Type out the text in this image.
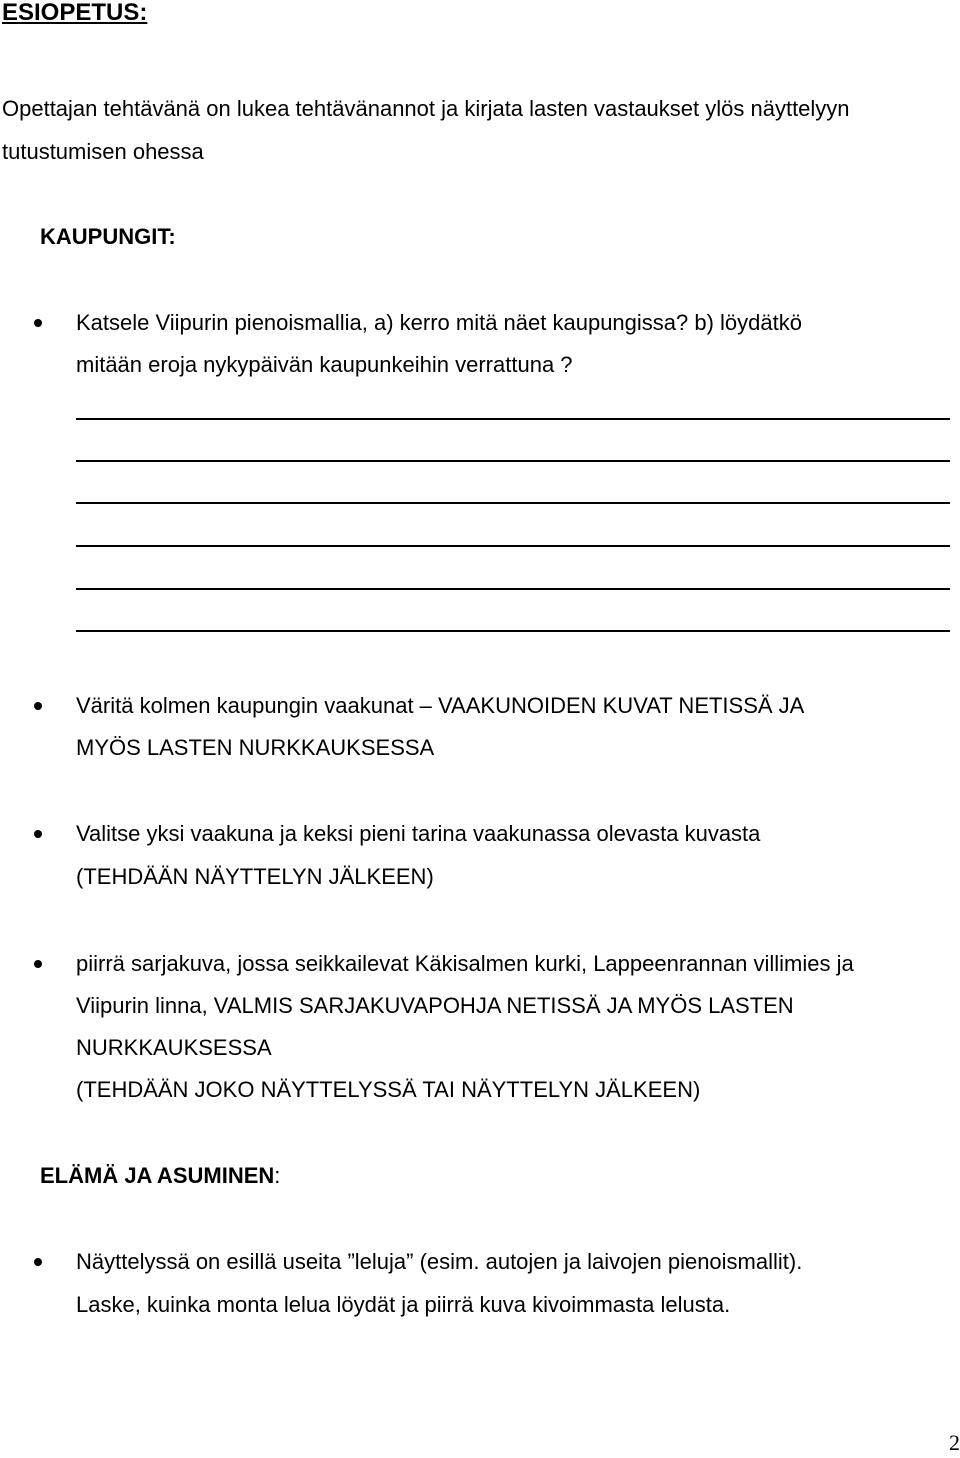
ESIOPETUS:
Opettajan tehtävänä on lukea tehtävänannot ja kirjata lasten vastaukset ylös näyttelyyn
tutustumisen ohessa
KAUPUNGIT:
Katsele Viipurin pienoismallia, a) kerro mitä näet kaupungissa? b) löydätkö
mitään eroja nykypäivän kaupunkeihin verrattuna ?
Väritä kolmen kaupungin vaakunat – VAAKUNOIDEN KUVAT NETISSÄ JA
MYÖS LASTEN NURKKAUKSESSA
Valitse yksi vaakuna ja keksi pieni tarina vaakunassa olevasta kuvasta
(TEHDÄÄN NÄYTTELYN JÄLKEEN)
piirrä sarjakuva, jossa seikkailevat Käkisalmen kurki, Lappeenrannan villimies ja
Viipurin linna, VALMIS SARJAKUVAPOHJA NETISSÄ JA MYÖS LASTEN
NURKKAUKSESSA
(TEHDÄÄN JOKO NÄYTTELYSSÄ TAI NÄYTTELYN JÄLKEEN)
ELÄMÄ JA ASUMINEN:
Näyttelyssä on esillä useita ”leluja” (esim. autojen ja laivojen pienoismallit).
Laske, kuinka monta lelua löydät ja piirrä kuva kivoimmasta lelusta.
2
